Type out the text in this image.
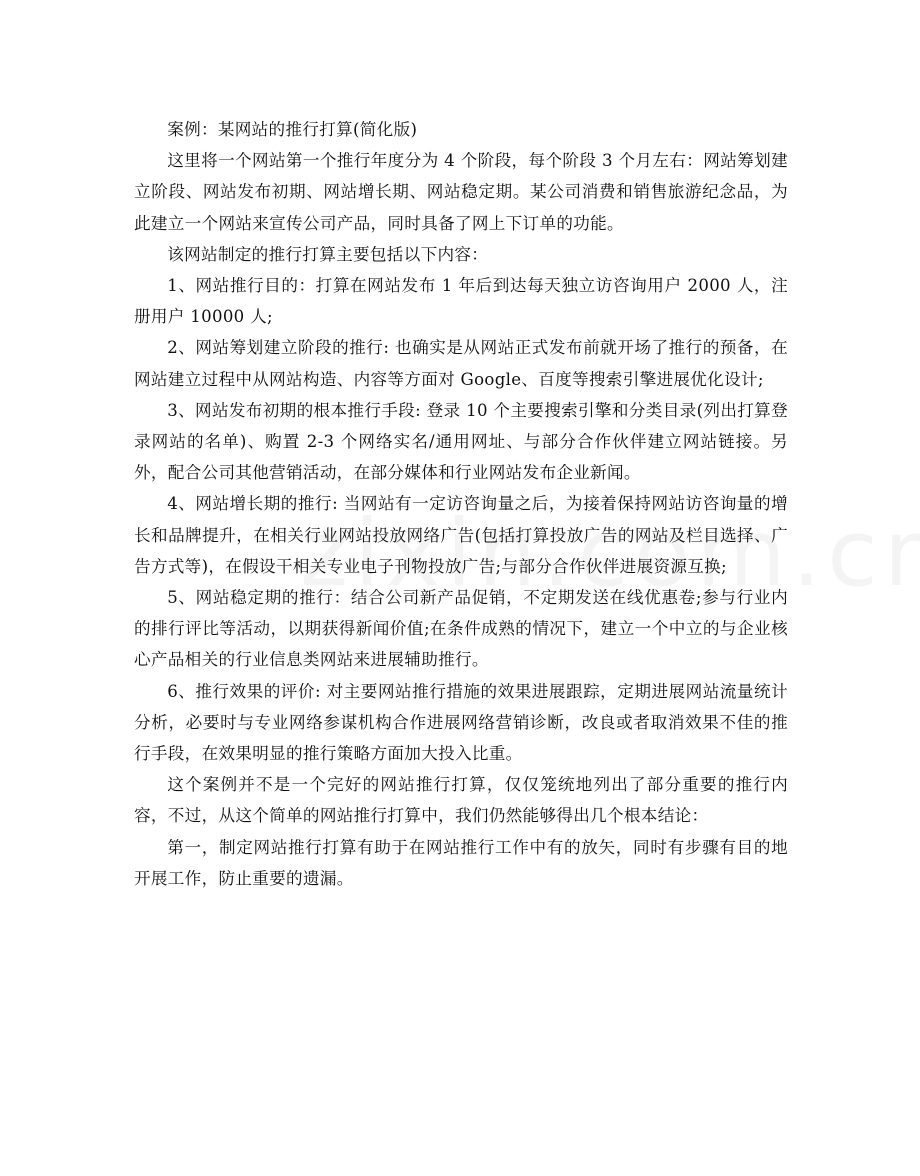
案例：某网站的推行打算(简化版)

这里将一个网站第一个推行年度分为 4 个阶段，每个阶段 3 个月左右：网站筹划建立阶段、网站发布初期、网站增长期、网站稳定期。某公司消费和销售旅游纪念品，为此建立一个网站来宣传公司产品，同时具备了网上下订单的功能。

该网站制定的推行打算主要包括以下内容：

1、网站推行目的：打算在网站发布 1 年后到达每天独立访咨询用户 2000 人，注册用户 10000 人;

2、网站筹划建立阶段的推行: 也确实是从网站正式发布前就开场了推行的预备，在网站建立过程中从网站构造、内容等方面对 Google、百度等搜索引擎进展优化设计;

3、网站发布初期的根本推行手段: 登录 10 个主要搜索引擎和分类目录(列出打算登录网站的名单)、购置 2-3 个网络实名/通用网址、与部分合作伙伴建立网站链接。另外，配合公司其他营销活动，在部分媒体和行业网站发布企业新闻。

4、网站增长期的推行: 当网站有一定访咨询量之后，为接着保持网站访咨询量的增长和品牌提升，在相关行业网站投放网络广告(包括打算投放广告的网站及栏目选择、广告方式等)，在假设干相关专业电子刊物投放广告;与部分合作伙伴进展资源互换;

5、网站稳定期的推行：结合公司新产品促销，不定期发送在线优惠卷;参与行业内的排行评比等活动，以期获得新闻价值;在条件成熟的情况下，建立一个中立的与企业核心产品相关的行业信息类网站来进展辅助推行。

6、推行效果的评价: 对主要网站推行措施的效果进展跟踪，定期进展网站流量统计分析，必要时与专业网络参谋机构合作进展网络营销诊断，改良或者取消效果不佳的推行手段，在效果明显的推行策略方面加大投入比重。

这个案例并不是一个完好的网站推行打算，仅仅笼统地列出了部分重要的推行内容，不过，从这个简单的网站推行打算中，我们仍然能够得出几个根本结论：

第一，制定网站推行打算有助于在网站推行工作中有的放矢，同时有步骤有目的地开展工作，防止重要的遗漏。
